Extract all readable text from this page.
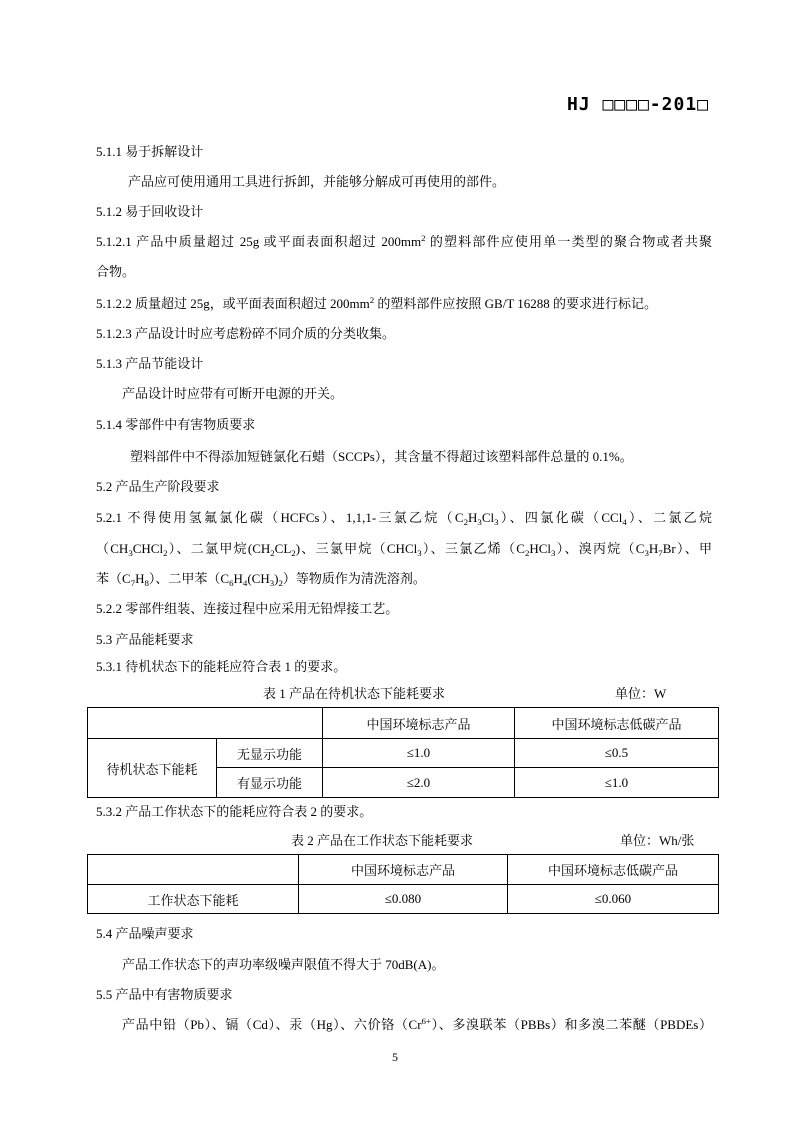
HJ □□□□-201□
5.1.1 易于拆解设计
产品应可使用通用工具进行拆卸，并能够分解成可再使用的部件。
5.1.2 易于回收设计
5.1.2.1 产品中质量超过 25g 或平面表面积超过 $200mm^2$ 的塑料部件应使用单一类型的聚合物或者共聚
合物。
5.1.2.2 质量超过 25g，或平面表面积超过 $200mm^2$ 的塑料部件应按照 GB/T 16288 的要求进行标记。
5.1.2.3 产品设计时应考虑粉碎不同介质的分类收集。
5.1.3 产品节能设计
产品设计时应带有可断开电源的开关。
5.1.4 零部件中有害物质要求
塑料部件中不得添加短链氯化石蜡（SCCPs），其含量不得超过该塑料部件总量的 0.1%。
5.2 产品生产阶段要求
5.2.1 不得使用氢氟氯化碳（HCFCs）、1,1,1-三氯乙烷$(C_2H_3Cl_3)$、四氯化碳（CCl$_4$）、二氯乙烷
$(CH_3CHCl_2)$、二氯甲烷$(CH_2CL_2)$、三氯甲烷（CHCl$_3$）、三氯乙烯$(C_2HCl_3)$、溴丙烷$(C_3H_7Br)$、甲
苯$(C_7H_8)$、二甲苯$(C_6H_4(CH_3)_2)$等物质作为清洗溶剂。
5.2.2 零部件组装、连接过程中应采用无铅焊接工艺。
5.3 产品能耗要求
5.3.1 待机状态下的能耗应符合表 1 的要求。
表 1 产品在待机状态下能耗要求	单位：W
		中国环境标志产品	中国环境标志低碳产品
待机状态下能耗	无显示功能	≤1.0	≤0.5
	有显示功能	≤2.0	≤1.0
5.3.2 产品工作状态下的能耗应符合表 2 的要求。
表 2 产品在工作状态下能耗要求	单位：Wh/张
	中国环境标志产品	中国环境标志低碳产品
工作状态下能耗	≤0.080	≤0.060
5.4 产品噪声要求
产品工作状态下的声功率级噪声限值不得大于 70dB(A)。
5.5 产品中有害物质要求
产品中铅（Pb）、镉（Cd）、汞（Hg）、六价铬$(Cr^{6+})$、多溴联苯（PBBs）和多溴二苯醚（PBDEs）
5
